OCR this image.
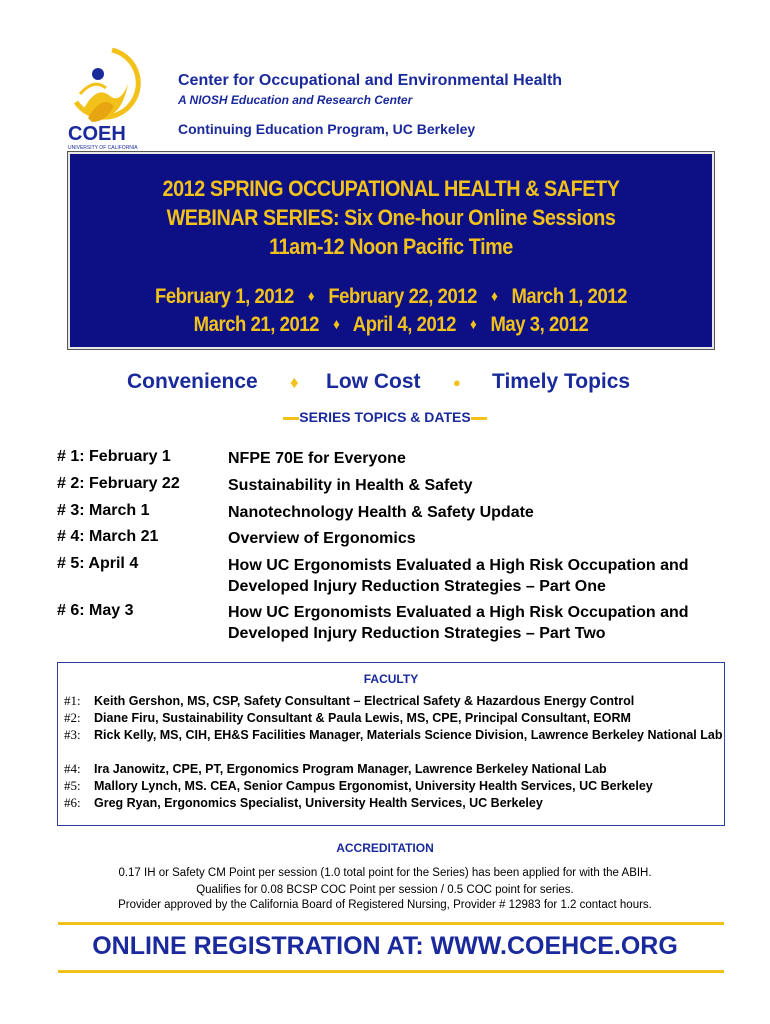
COEH
UNIVERSITY OF CALIFORNIA
Center for Occupational and Environmental Health
A NIOSH Education and Research Center
Continuing Education Program, UC Berkeley
2012 SPRING OCCUPATIONAL HEALTH & SAFETY
WEBINAR SERIES: Six One-hour Online Sessions
11am-12 Noon Pacific Time
February 1, 2012 ♦ February 22, 2012 ♦ March 1, 2012
March 21, 2012 ♦ April 4, 2012 ♦ May 3, 2012
Convenience ♦ Low Cost	● Timely Topics
SERIES TOPICS & DATES
# 1: February 1	NFPE 70E for Everyone
# 2: February 22	Sustainability in Health & Safety
# 3: March 1	Nanotechnology Health & Safety Update
# 4: March 21	Overview of Ergonomics
# 5: April 4	How UC Ergonomists Evaluated a High Risk Occupation and Developed Injury Reduction Strategies – Part One
# 6: May 3	How UC Ergonomists Evaluated a High Risk Occupation and Developed Injury Reduction Strategies – Part Two
FACULTY
#1: Keith Gershon, MS, CSP, Safety Consultant – Electrical Safety & Hazardous Energy Control
#2: Diane Firu, Sustainability Consultant & Paula Lewis, MS, CPE, Principal Consultant, EORM
#3: Rick Kelly, MS, CIH, EH&S Facilities Manager, Materials Science Division, Lawrence Berkeley National Lab
#4: Ira Janowitz, CPE, PT, Ergonomics Program Manager, Lawrence Berkeley National Lab
#5: Mallory Lynch, MS. CEA, Senior Campus Ergonomist, University Health Services, UC Berkeley
#6: Greg Ryan, Ergonomics Specialist, University Health Services, UC Berkeley
ACCREDITATION
0.17 IH or Safety CM Point per session (1.0 total point for the Series) has been applied for with the ABIH.
Qualifies for 0.08 BCSP COC Point per session / 0.5 COC point for series.
Provider approved by the California Board of Registered Nursing, Provider # 12983 for 1.2 contact hours.
ONLINE REGISTRATION AT: WWW.COEHCE.ORG
